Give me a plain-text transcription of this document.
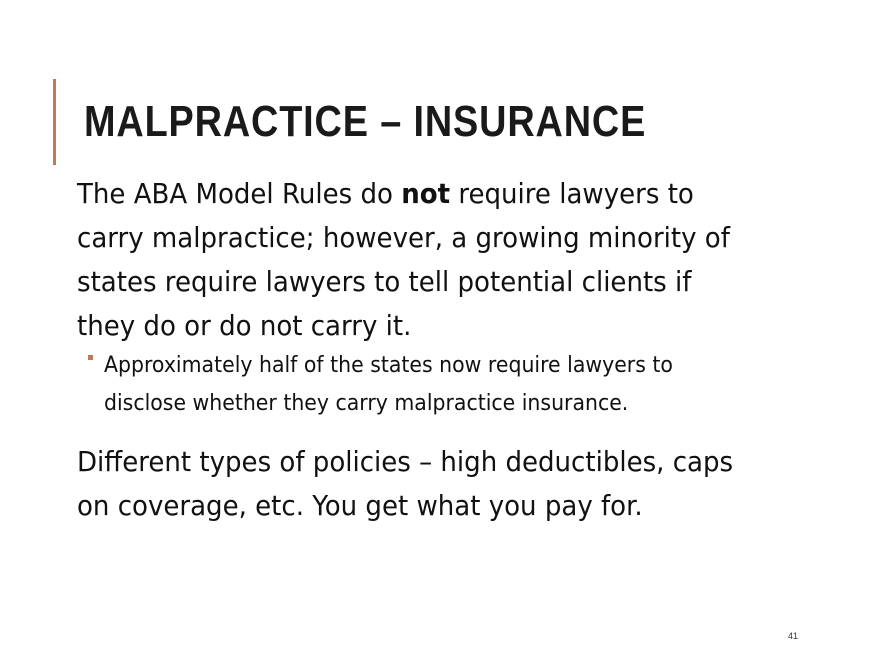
MALPRACTICE – INSURANCE
The ABA Model Rules do not require lawyers to
carry malpractice; however, a growing minority of
states require lawyers to tell potential clients if
they do or do not carry it.
Approximately half of the states now require lawyers to
disclose whether they carry malpractice insurance.
Different types of policies – high deductibles, caps
on coverage, etc. You get what you pay for.
41
